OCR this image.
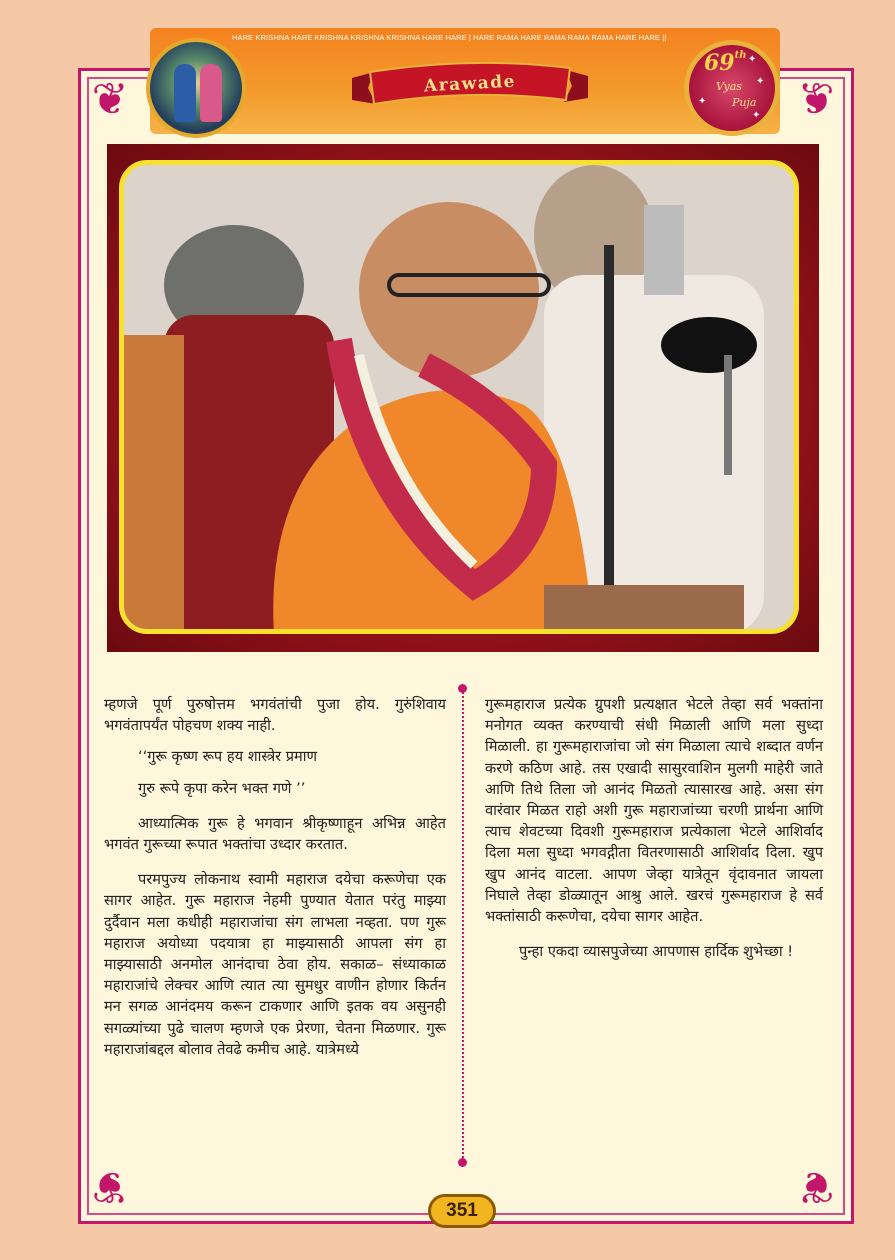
❦	❦
❦	❦
HARE KRISHNA HARE KRISHNA KRISHNA KRISHNA HARE HARE | HARE RAMA HARE RAMA RAMA RAMA HARE HARE ||
Arawade
69th
Vyas
Puja
✦
✦
✦
✦

म्हणजे पूर्ण पुरुषोत्तम भगवंतांची पुजा होय. गुरुंशिवाय भगवंतापर्यंत पोहचण शक्य नाही.

‘‘गुरू कृष्ण रूप हय शास्त्रेर प्रमाण

गुरु रूपे कृपा करेन भक्त गणे ’’

आध्यात्मिक गुरू हे भगवान श्रीकृष्णाहून अभिन्न आहेत भगवंत गुरूच्या रूपात भक्तांचा उध्दार करतात.

परमपुज्य लोकनाथ स्वामी महाराज दयेचा करूणेचा एक सागर आहेत. गुरू महाराज नेहमी पुण्यात येतात परंतु माझ्या दुर्दैवान मला कधीही महाराजांचा संग लाभला नव्हता. पण गुरू महाराज अयोध्या पदयात्रा हा माझ्यासाठी आपला संग हा माझ्यासाठी अनमोल आनंदाचा ठेवा होय. सकाळ– संध्याकाळ महाराजांचे लेक्चर आणि त्यात त्या सुमधुर वाणीन होणार किर्तन मन सगळ आनंदमय करून टाकणार आणि इतक वय असुनही सगळ्यांच्या पुढे चालण म्हणजे एक प्रेरणा, चेतना मिळणार. गुरू महाराजांबद्दल बोलाव तेवढे कमीच आहे. यात्रेमध्ये

गुरूमहाराज प्रत्येक ग्रुपशी प्रत्यक्षात भेटले तेव्हा सर्व भक्तांना मनोगत व्यक्त करण्याची संधी मिळाली आणि मला सुध्दा मिळाली. हा गुरूमहाराजांचा जो संग मिळाला त्याचे शब्दात वर्णन करणे कठिण आहे. तस एखादी सासुरवाशिन मुलगी माहेरी जाते आणि तिथे तिला जो आनंद मिळतो त्यासारख आहे. असा संग वारंवार मिळत राहो अशी गुरू महाराजांच्या चरणी प्रार्थना आणि त्याच शेवटच्या दिवशी गुरूमहाराज प्रत्येकाला भेटले आशिर्वाद दिला मला सुध्दा भगवद्गीता वितरणासाठी आशिर्वाद दिला. खुप खुप आनंद वाटला. आपण जेव्हा यात्रेतून वृंदावनात जायला निघाले तेव्हा डोळ्यातून आश्रु आले. खरचं गुरूमहाराज हे सर्व भक्तांसाठी करूणेचा, दयेचा सागर आहेत.

पुन्हा एकदा व्यासपुजेच्या आपणास हार्दिक शुभेच्छा !

351
